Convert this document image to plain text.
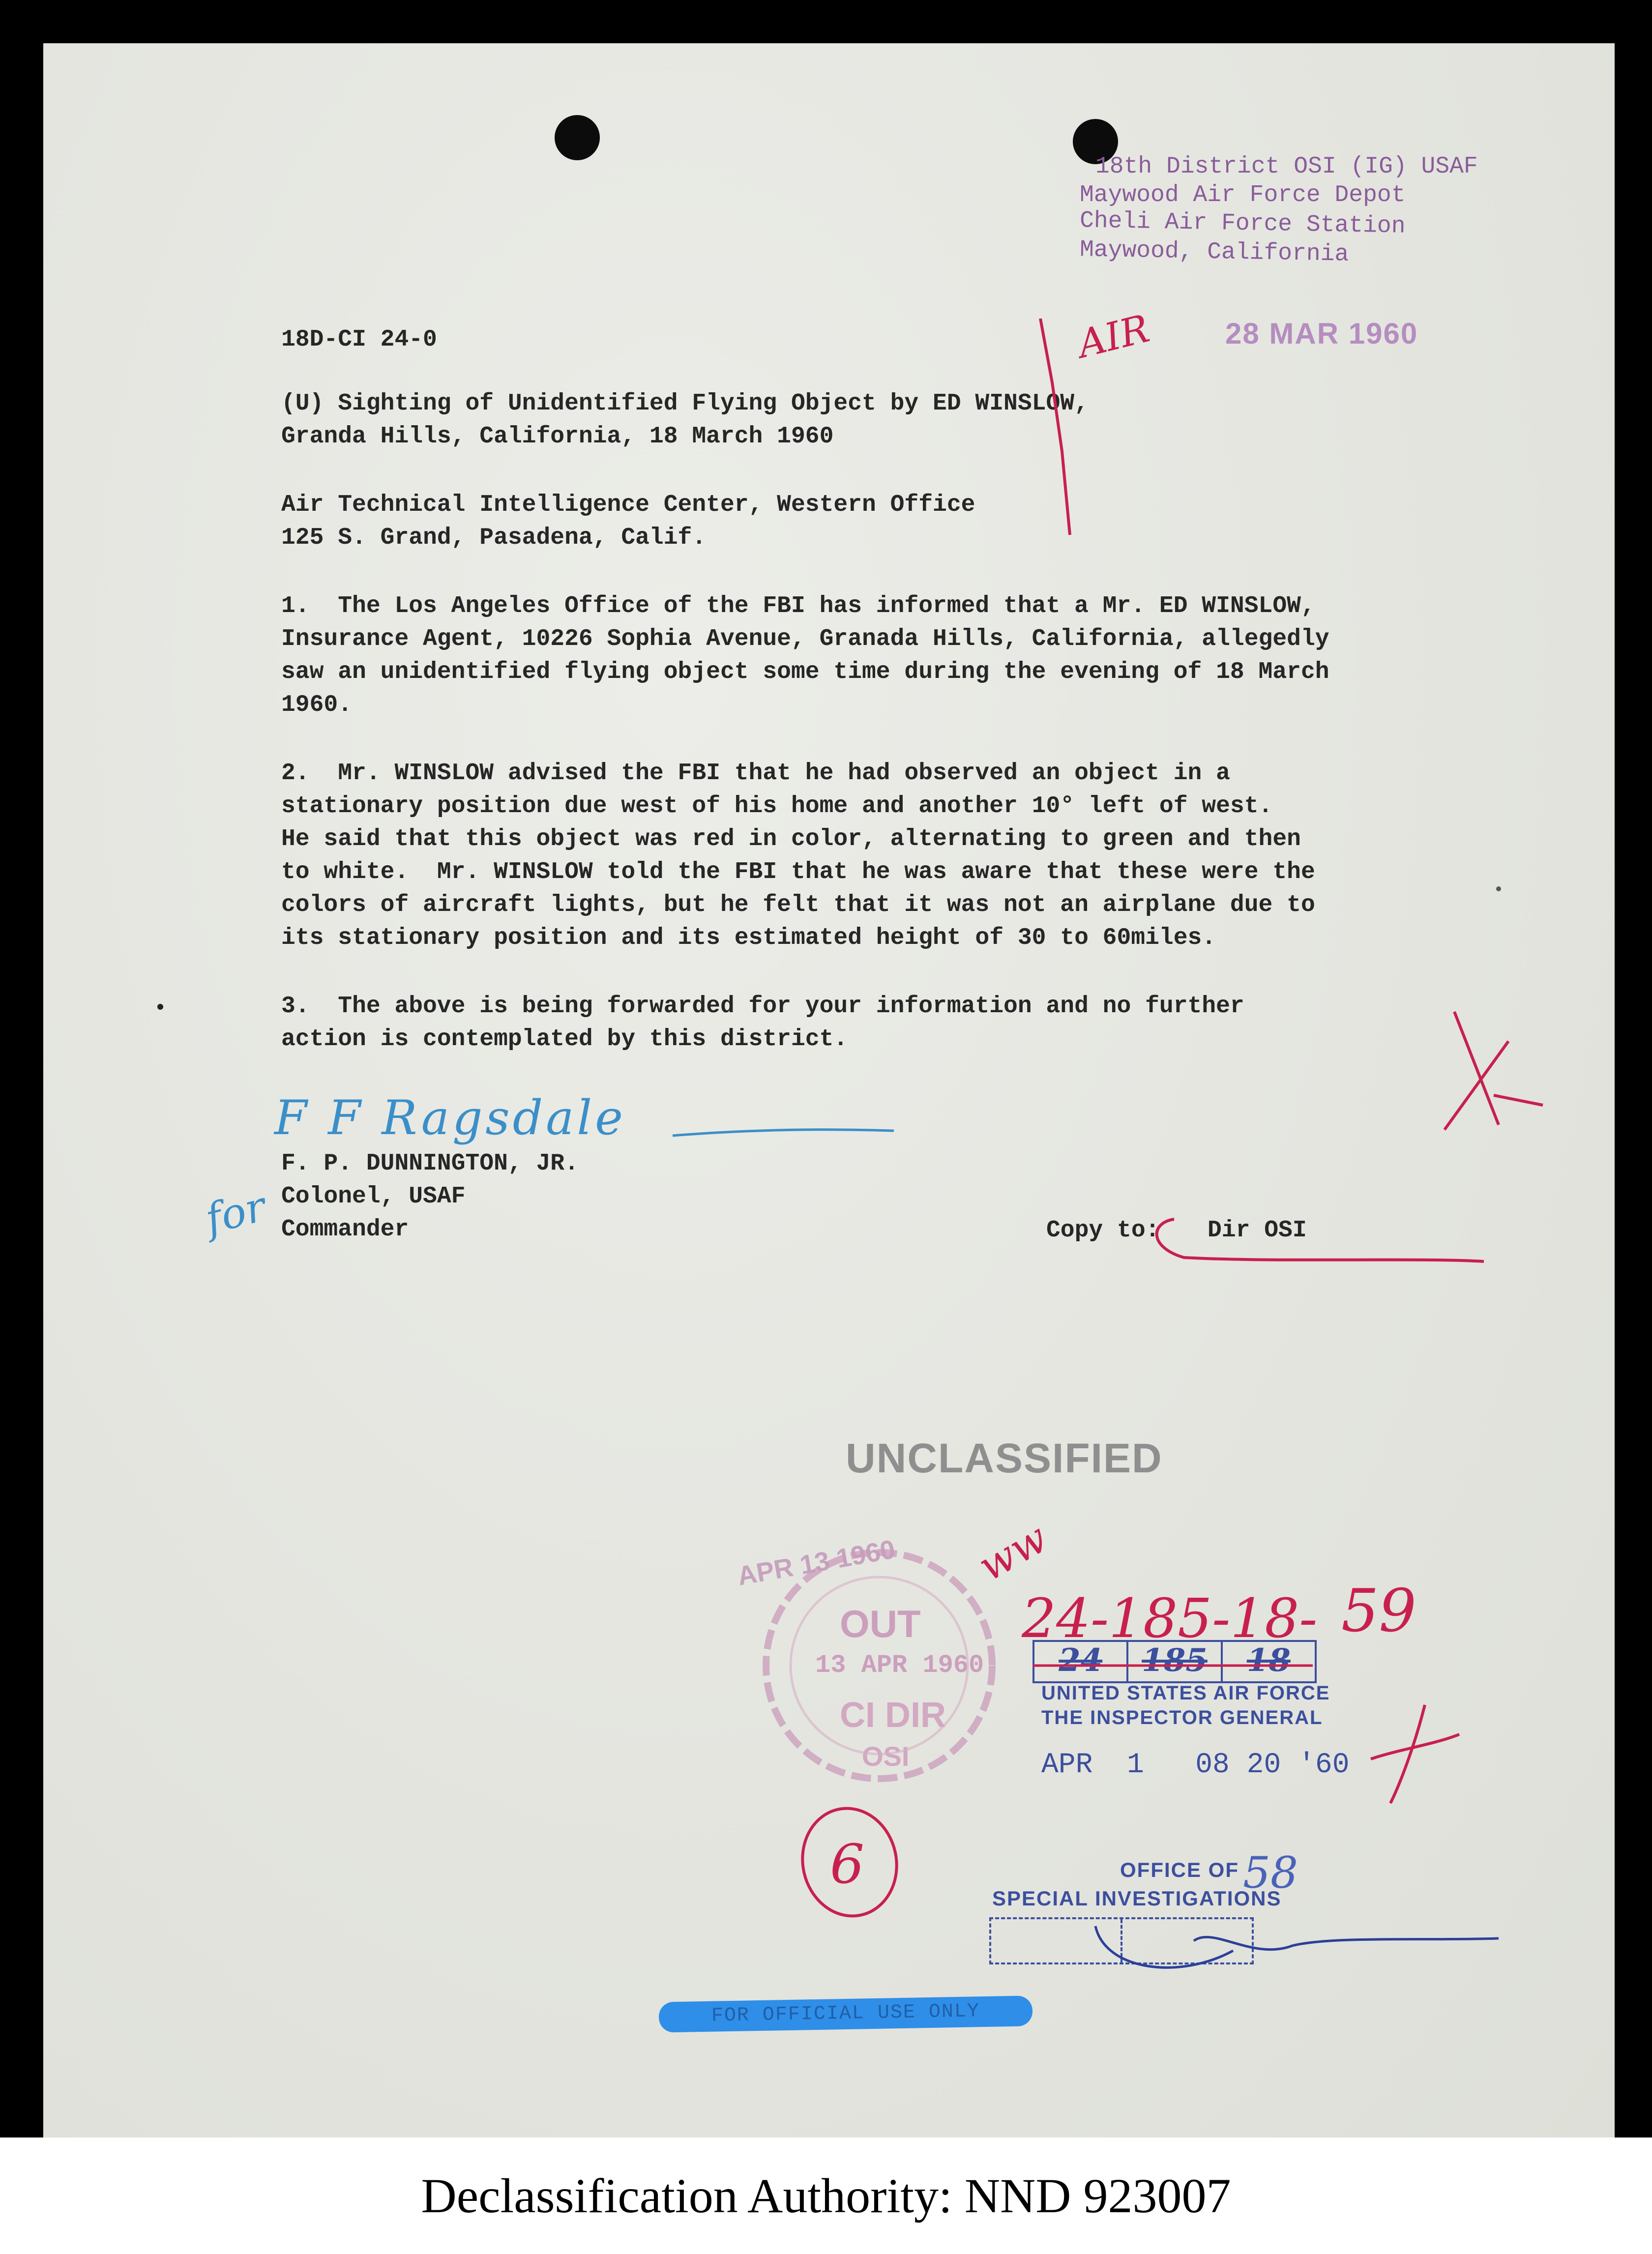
18th District OSI (IG) USAF
Maywood Air Force Depot
Cheli Air Force Station
Maywood, California
18D-CI 24-0	28 MAR 1960
AIR
(U) Sighting of Unidentified Flying Object by ED WINSLOW,
Granda Hills, California, 18 March 1960
Air Technical Intelligence Center, Western Office
125 S. Grand, Pasadena, Calif.
1.  The Los Angeles Office of the FBI has informed that a Mr. ED WINSLOW,
Insurance Agent, 10226 Sophia Avenue, Granada Hills, California, allegedly
saw an unidentified flying object some time during the evening of 18 March
1960.
2.  Mr. WINSLOW advised the FBI that he had observed an object in a
stationary position due west of his home and another 10° left of west.
He said that this object was red in color, alternating to green and then
to white.  Mr. WINSLOW told the FBI that he was aware that these were the
colors of aircraft lights, but he felt that it was not an airplane due to
its stationary position and its estimated height of 30 to 60miles.
3.  The above is being forwarded for your information and no further
action is contemplated by this district.
F F Ragsdale
for
F. P. DUNNINGTON, JR.
Colonel, USAF
Commander	Copy to: Dir OSI
UNCLASSIFIED
APR 13 1960
OUT
13 APR 1960
CI DIR
OSI
24-185-18- 59
58
6
ww
24	185	18
UNITED STATES AIR FORCE
THE INSPECTOR GENERAL
APR  1   08 20 '60
OFFICE OF
SPECIAL INVESTIGATIONS
FOR OFFICIAL USE ONLY
Declassification Authority: NND 923007
